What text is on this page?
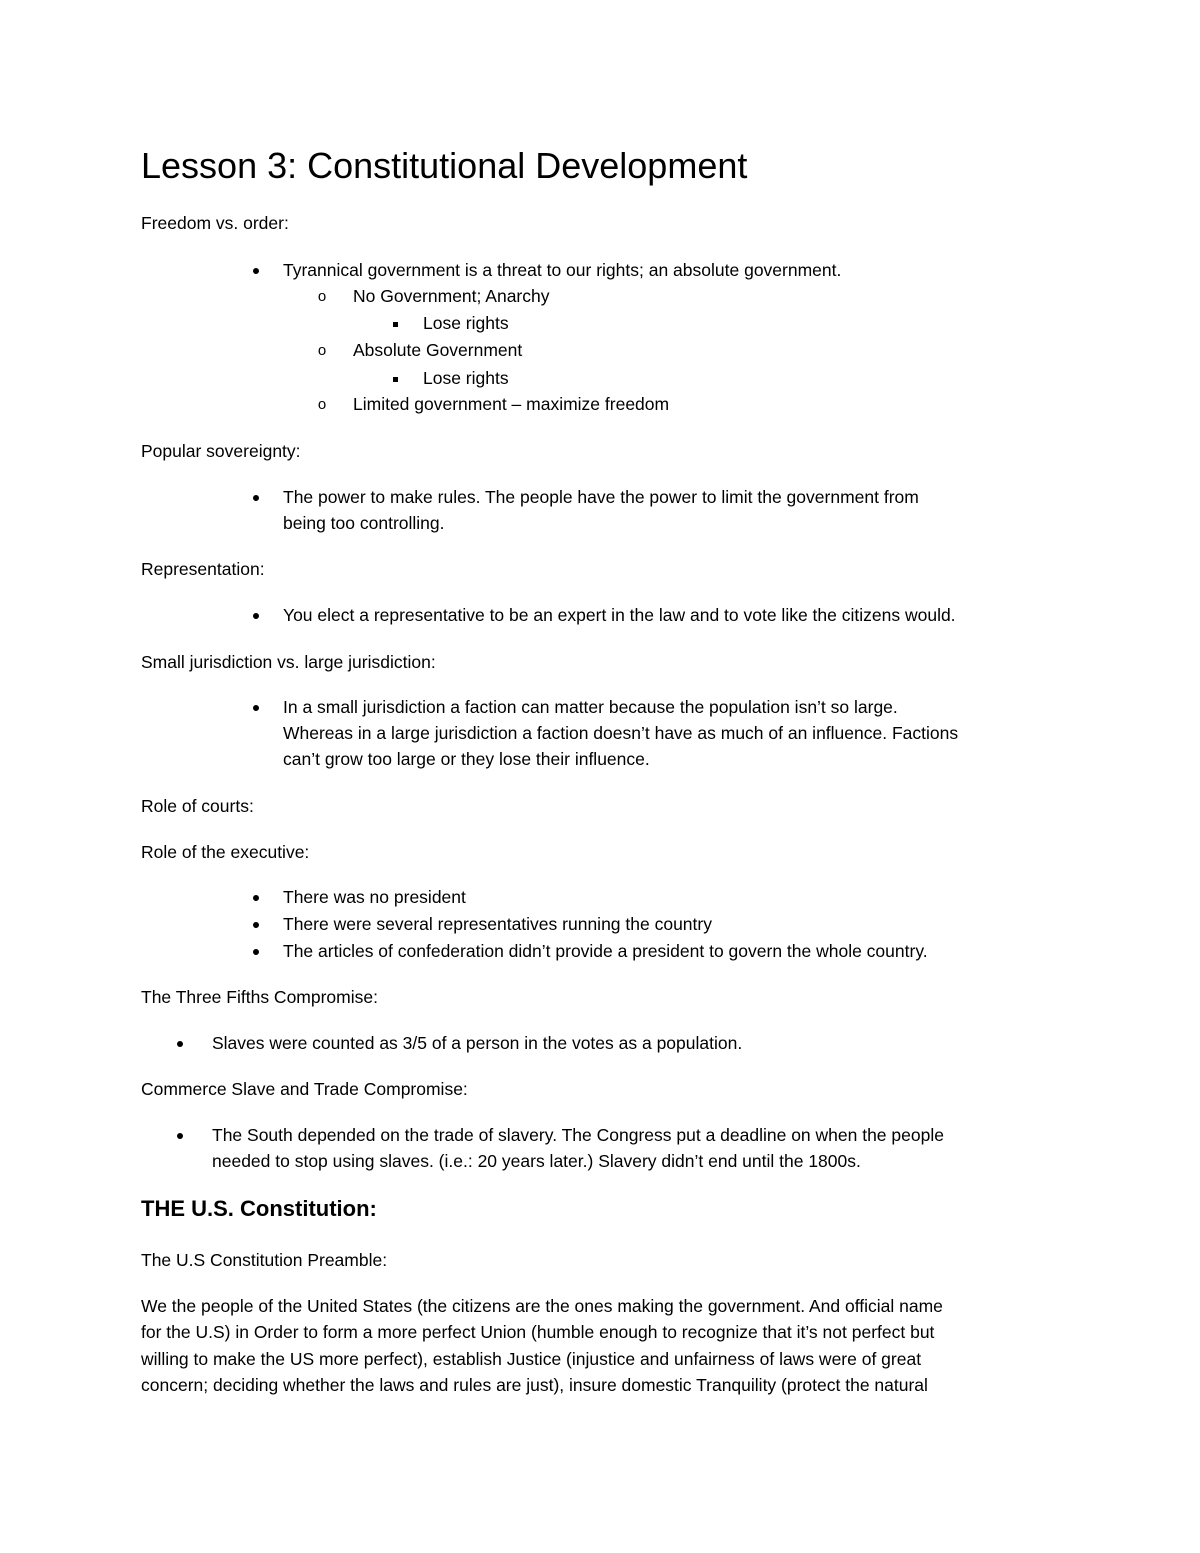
Lesson 3: Constitutional Development
Freedom vs. order:
Tyrannical government is a threat to our rights; an absolute government.
o No Government; Anarchy
Lose rights
o Absolute Government
Lose rights
o Limited government – maximize freedom
Popular sovereignty:
The power to make rules. The people have the power to limit the government from
being too controlling.
Representation:
You elect a representative to be an expert in the law and to vote like the citizens would.
Small jurisdiction vs. large jurisdiction:
In a small jurisdiction a faction can matter because the population isn’t so large.
Whereas in a large jurisdiction a faction doesn’t have as much of an influence. Factions
can’t grow too large or they lose their influence.
Role of courts:
Role of the executive:
There was no president
There were several representatives running the country
The articles of confederation didn’t provide a president to govern the whole country.
The Three Fifths Compromise:
Slaves were counted as 3/5 of a person in the votes as a population.
Commerce Slave and Trade Compromise:
The South depended on the trade of slavery. The Congress put a deadline on when the people
needed to stop using slaves. (i.e.: 20 years later.) Slavery didn’t end until the 1800s.
THE U.S. Constitution:
The U.S Constitution Preamble:
We the people of the United States (the citizens are the ones making the government. And official name
for the U.S) in Order to form a more perfect Union (humble enough to recognize that it’s not perfect but
willing to make the US more perfect), establish Justice (injustice and unfairness of laws were of great
concern; deciding whether the laws and rules are just), insure domestic Tranquility (protect the natural
